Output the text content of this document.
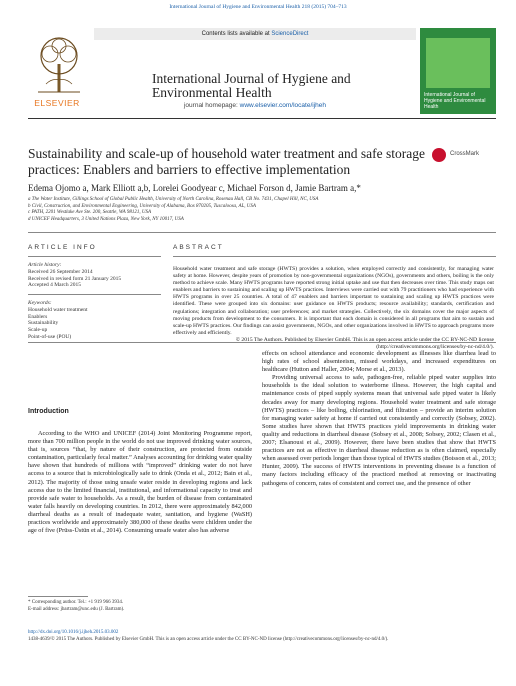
International Journal of Hygiene and Environmental Health 218 (2015) 704–713
ELSEVIER
Contents lists available at ScienceDirect
International Journal of Hygiene and
Environmental Health
journal homepage: www.elsevier.com/locate/ijheh
International Journal of Hygiene and Environmental Health
Sustainability and scale-up of household water treatment and safe storage practices: Enablers and barriers to effective implementation
CrossMark
Edema Ojomo a, Mark Elliott a,b, Lorelei Goodyear c, Michael Forson d, Jamie Bartram a,*
a The Water Institute, Gillings School of Global Public Health, University of North Carolina, Rosenau Hall, CB No. 7431, Chapel Hill, NC, USA
b Civil, Construction, and Environmental Engineering, University of Alabama, Box 870205, Tuscaloosa, AL, USA
c PATH, 2201 Westlake Ave Ste. 200, Seattle, WA 98121, USA
d UNICEF Headquarters, 3 United Nations Plaza, New York, NY 10017, USA
ARTICLE INFO
Article history:
Received 26 September 2014
Received in revised form 21 January 2015
Accepted 4 March 2015
Keywords:
Household water treatment
Enablers
Sustainability
Scale-up
Point-of-use (POU)
ABSTRACT

Household water treatment and safe storage (HWTS) provides a solution, when employed correctly and consistently, for managing water safety at home. However, despite years of promotion by non-governmental organizations (NGOs), governments and others, boiling is the only method to achieve scale. Many HWTS programs have reported strong initial uptake and use that then decreases over time. This study maps out enablers and barriers to sustaining and scaling up HWTS practices. Interviews were carried out with 79 practitioners who had experience with HWTS programs in over 25 countries. A total of 47 enablers and barriers important to sustaining and scaling up HWTS practices were identified. These were grouped into six domains: user guidance on HWTS products; resource availability; standards, certification and regulations; integration and collaboration; user preferences; and market strategies. Collectively, the six domains cover the major aspects of moving products from development to the consumers. It is important that each domain is considered in all programs that aim to sustain and scale-up HWTS practices. Our findings can assist governments, NGOs, and other organizations involved in HWTS to approach programs more effectively and efficiently.

© 2015 The Authors. Published by Elsevier GmbH. This is an open access article under the CC BY-NC-ND license (http://creativecommons.org/licenses/by-nc-nd/4.0/).

Introduction

According to the WHO and UNICEF (2014) Joint Monitoring Programme report, more than 700 million people in the world do not use improved drinking water sources, that is, sources “that, by nature of their construction, are protected from outside contamination, particularly fecal matter.” Analyses accounting for drinking water quality have shown that hundreds of millions with “improved” drinking water do not have access to a source that is microbiologically safe to drink (Onda et al., 2012; Bain et al., 2012). The majority of those using unsafe water reside in developing regions and lack access due to the limited financial, institutional, and informational capacity to treat and provide safe water to households. As a result, the burden of disease from contaminated water falls heavily on developing countries. In 2012, there were approximately 842,000 diarrheal deaths as a result of inadequate water, sanitation, and hygiene (WaSH) practices worldwide and approximately 380,000 of these deaths were children under the age of five (Prüss-Üstün et al., 2014). Consuming unsafe water also has adverse

effects on school attendance and economic development as illnesses like diarrhea lead to high rates of school absenteeism, missed workdays, and increased expenditures on healthcare (Hutton and Haller, 2004; Morse et al., 2013).

Providing universal access to safe, pathogen-free, reliable piped water supplies into households is the ideal solution to waterborne illness. However, the high capital and maintenance costs of piped supply systems mean that universal safe piped water is likely decades away for many developing regions. Household water treatment and safe storage (HWTS) practices – like boiling, chlorination, and filtration – provide an interim solution for managing water safety at home if carried out consistently and correctly (Sobsey, 2002). Some studies have shown that HWTS practices yield improvements in drinking water quality and reductions in diarrheal disease (Sobsey et al., 2008; Sobsey, 2002; Clasen et al., 2007; Elsanousi et al., 2009). However, there have been studies that show that HWTS practices are not as effective in diarrheal disease reduction as is often claimed, especially when assessed over periods longer than those typical of HWTS studies (Boisson et al., 2013; Hunter, 2009). The success of HWTS interventions in preventing disease is a function of many factors including efficacy of the practiced method at removing or inactivating pathogens of concern, rates of consistent and correct use, and the presence of other

* Corresponding author. Tel.: +1 919 966 3934.
E-mail address: jbartram@unc.edu (J. Bartram).
http://dx.doi.org/10.1016/j.ijheh.2015.03.002
1438-4639/© 2015 The Authors. Published by Elsevier GmbH. This is an open access article under the CC BY-NC-ND license (http://creativecommons.org/licenses/by-nc-nd/4.0/).
